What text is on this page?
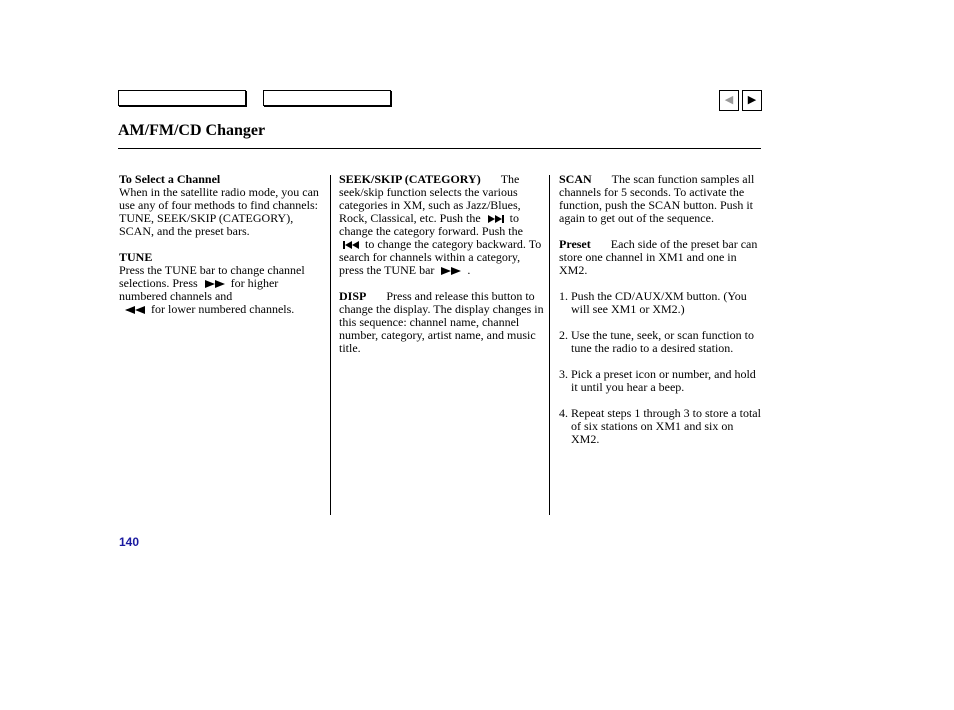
◀ ▶
AM/FM/CD Changer

To Select a Channel

When in the satellite radio mode, you can use any of four methods to find channels: TUNE, SEEK/SKIP (CATEGORY), SCAN, and the preset bars.

TUNE

Press the TUNE bar to change channel selections. Press	for higher numbered channels and
for lower numbered channels.

SEEK/SKIP (CATEGORY) The seek/skip function selects the various categories in XM, such as Jazz/Blues, Rock, Classical, etc. Push the to change the category forward. Push the to change the category backward. To search for channels within a category, press the TUNE bar	.

DISP Press and release this button to change the display. The display changes in this sequence: channel name, channel number, category, artist name, and music title.

SCAN The scan function samples all channels for 5 seconds. To activate the function, push the SCAN button. Push it again to get out of the sequence.

Preset Each side of the preset bar can store one channel in XM1 and one in XM2.

1. Push the CD/AUX/XM button. (You will see XM1 or XM2.)

2. Use the tune, seek, or scan function to tune the radio to a desired station.

3. Pick a preset icon or number, and hold it until you hear a beep.

4. Repeat steps 1 through 3 to store a total of six stations on XM1 and six on XM2.

140
